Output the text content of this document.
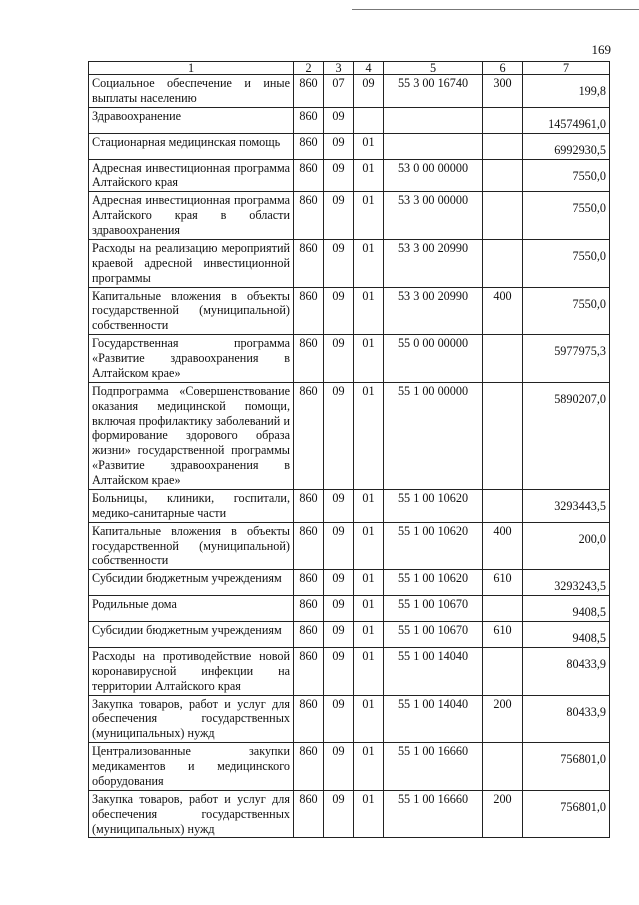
169
1	2	3	4	5	6	7
Социальное обеспечение и иные выплаты населению	860	07	09	55 3 00 16740	300	199,8
Здравоохранение	860	09				14574961,0
Стационарная медицинская помощь	860	09	01			6992930,5
Адресная инвестиционная программа Алтайского края	860	09	01	53 0 00 00000		7550,0
Адресная инвестиционная программа Алтайского края в области здравоохранения	860	09	01	53 3 00 00000		7550,0
Расходы на реализацию мероприятий краевой адресной инвестиционной программы	860	09	01	53 3 00 20990		7550,0
Капитальные вложения в объекты государственной (муниципальной) собственности	860	09	01	53 3 00 20990	400	7550,0
Государственная программа «Развитие здравоохранения в Алтайском крае»	860	09	01	55 0 00 00000		5977975,3
Подпрограмма «Совершенствование оказания медицинской помощи, включая профилактику заболеваний и формирование здорового образа жизни» государственной программы «Развитие здравоохранения в Алтайском крае»	860	09	01	55 1 00 00000		5890207,0
Больницы, клиники, госпитали, медико-санитарные части	860	09	01	55 1 00 10620		3293443,5
Капитальные вложения в объекты государственной (муниципальной) собственности	860	09	01	55 1 00 10620	400	200,0
Субсидии бюджетным учреждениям	860	09	01	55 1 00 10620	610	3293243,5
Родильные дома	860	09	01	55 1 00 10670		9408,5
Субсидии бюджетным учреждениям	860	09	01	55 1 00 10670	610	9408,5
Расходы на противодействие новой коронавирусной инфекции на территории Алтайского края	860	09	01	55 1 00 14040		80433,9
Закупка товаров, работ и услуг для обеспечения государственных (муниципальных) нужд	860	09	01	55 1 00 14040	200	80433,9
Централизованные закупки медикаментов и медицинского оборудования	860	09	01	55 1 00 16660		756801,0
Закупка товаров, работ и услуг для обеспечения государственных (муниципальных) нужд	860	09	01	55 1 00 16660	200	756801,0
